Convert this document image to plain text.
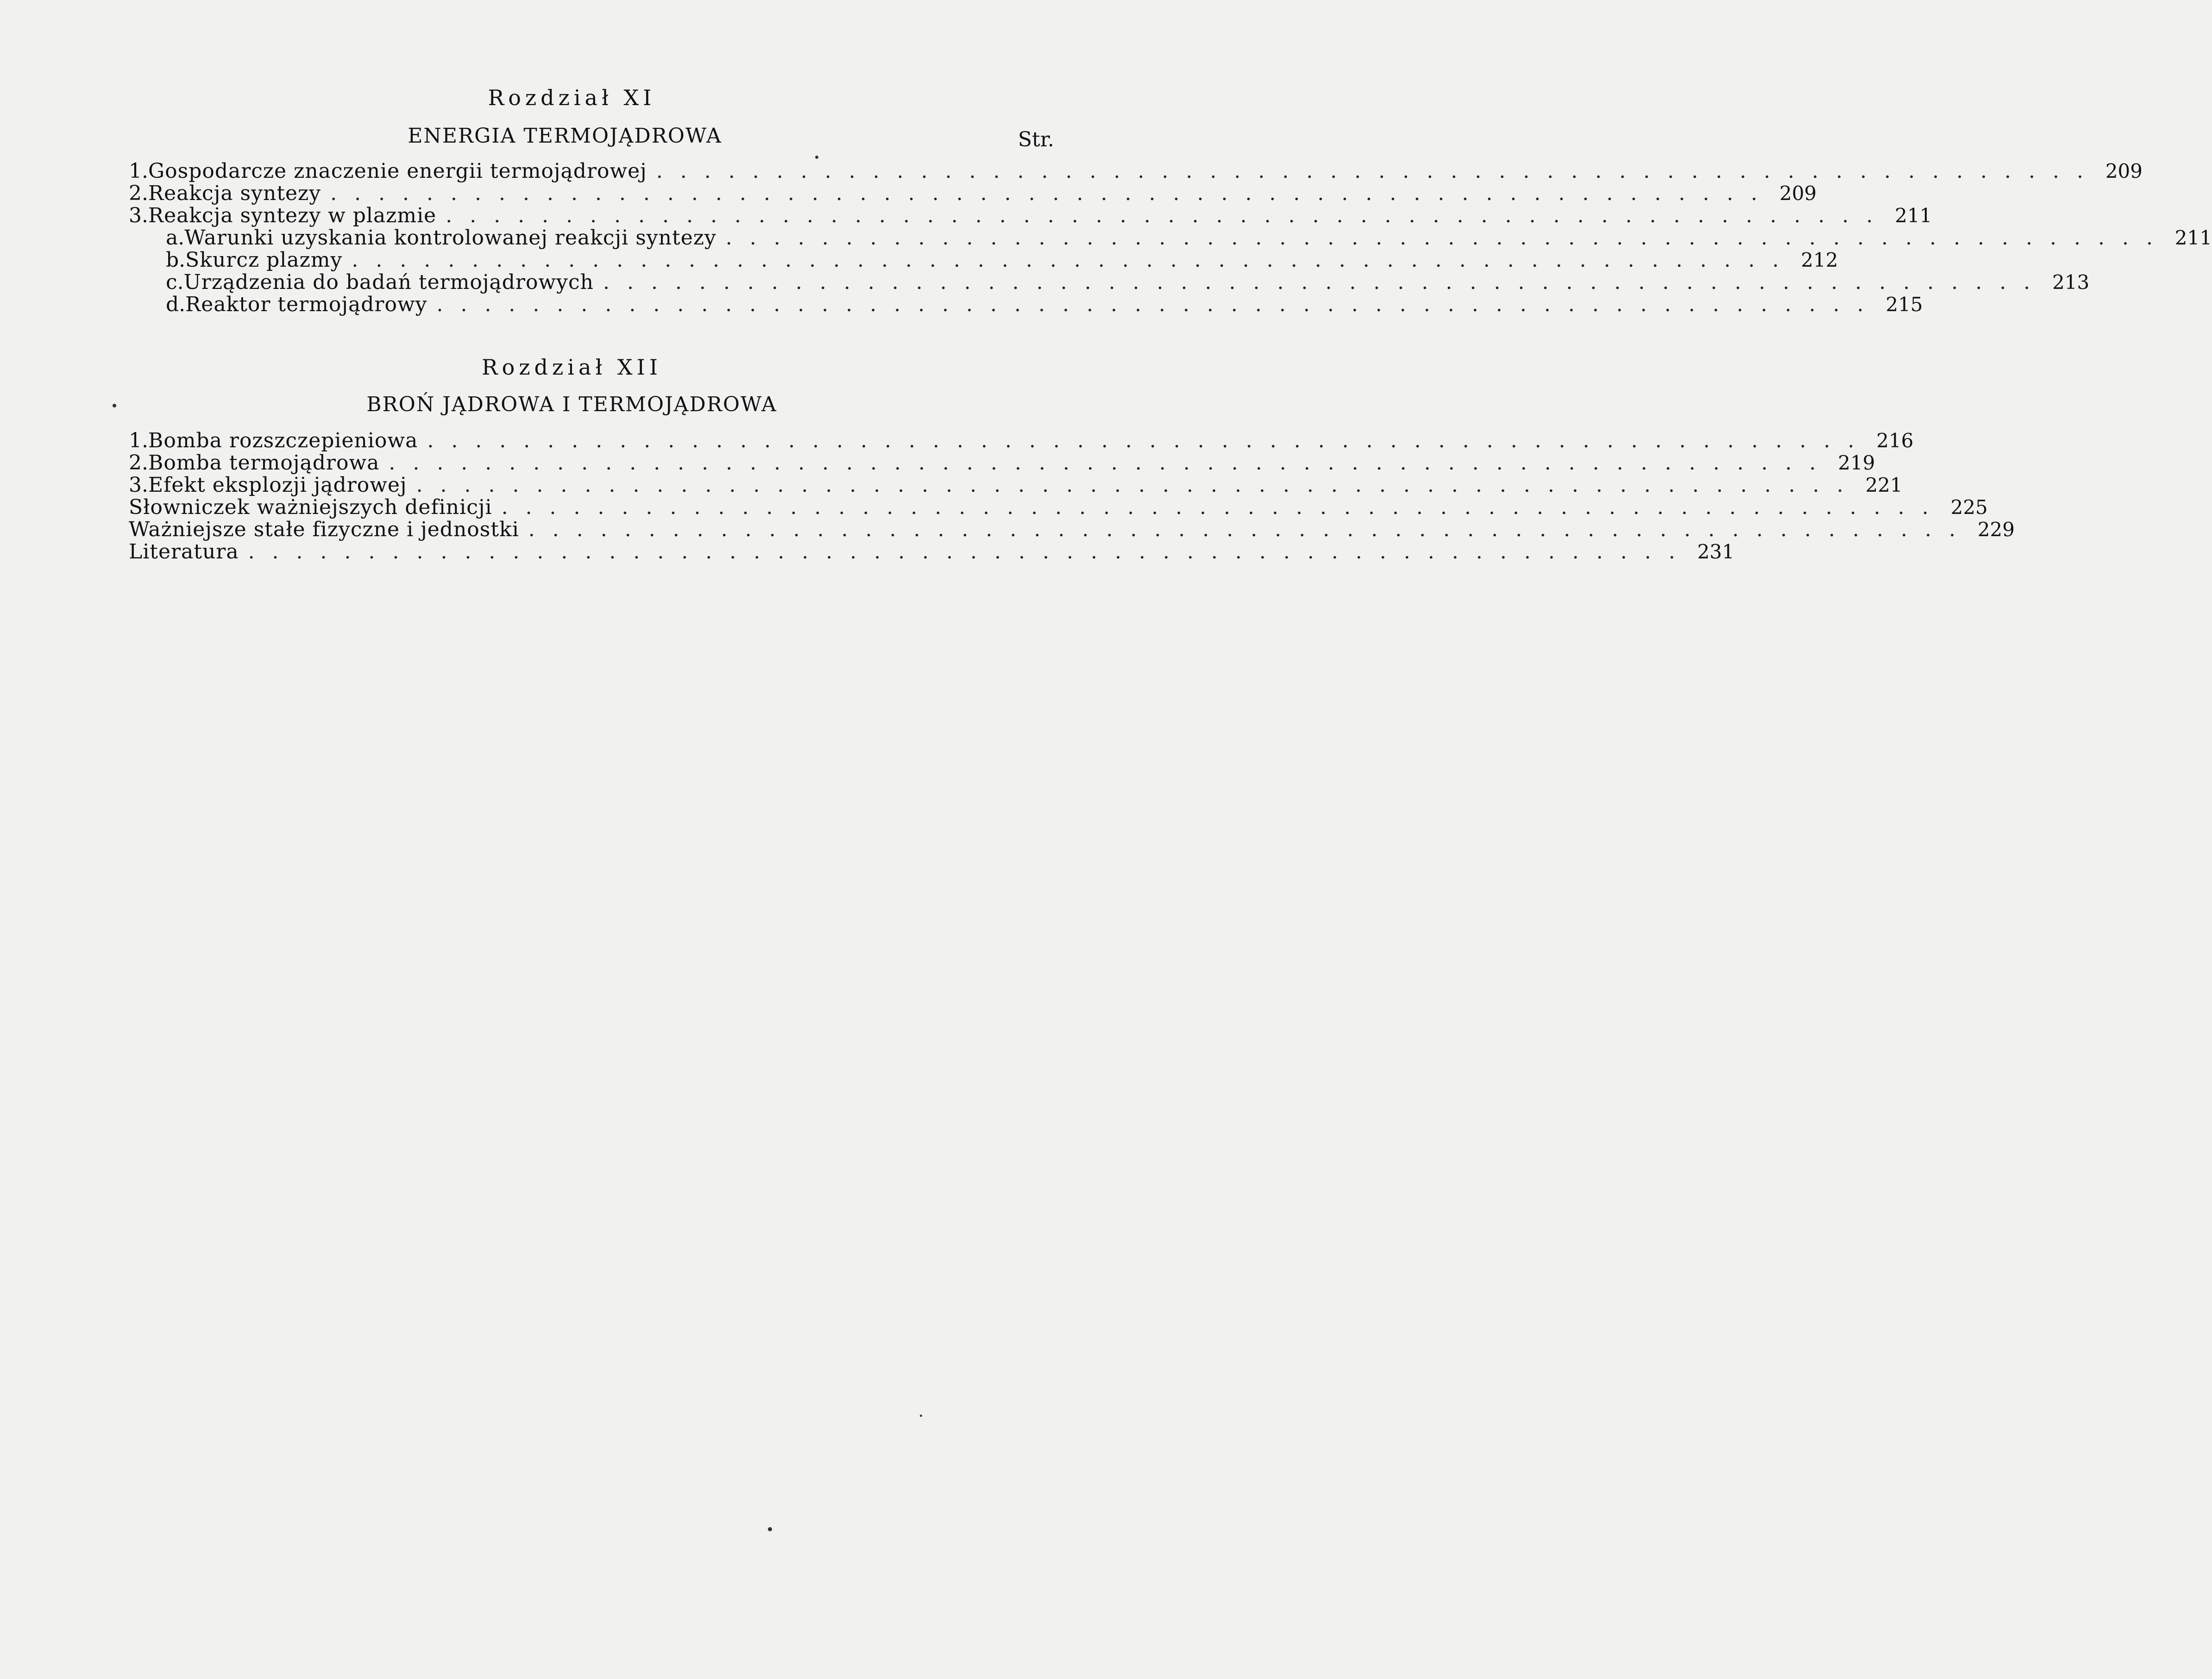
Rozdział XI
ENERGIA TERMOJĄDROWA	Str.
1. Gospodarcze znaczenie energii termojądrowej ............................................................ 209
2. Reakcja syntezy ............................................................ 209
3. Reakcja syntezy w plazmie ............................................................ 211
a. Warunki uzyskania kontrolowanej reakcji syntezy ............................................................ 211
b. Skurcz plazmy ............................................................ 212
c. Urządzenia do badań termojądrowych ............................................................ 213
d. Reaktor termojądrowy ............................................................ 215
Rozdział XII
BROŃ JĄDROWA I TERMOJĄDROWA
1. Bomba rozszczepieniowa ............................................................ 216
2. Bomba termojądrowa ............................................................ 219
3. Efekt eksplozji jądrowej ............................................................ 221
Słowniczek ważniejszych definicji ............................................................ 225
Ważniejsze stałe fizyczne i jednostki ............................................................ 229
Literatura ............................................................ 231
